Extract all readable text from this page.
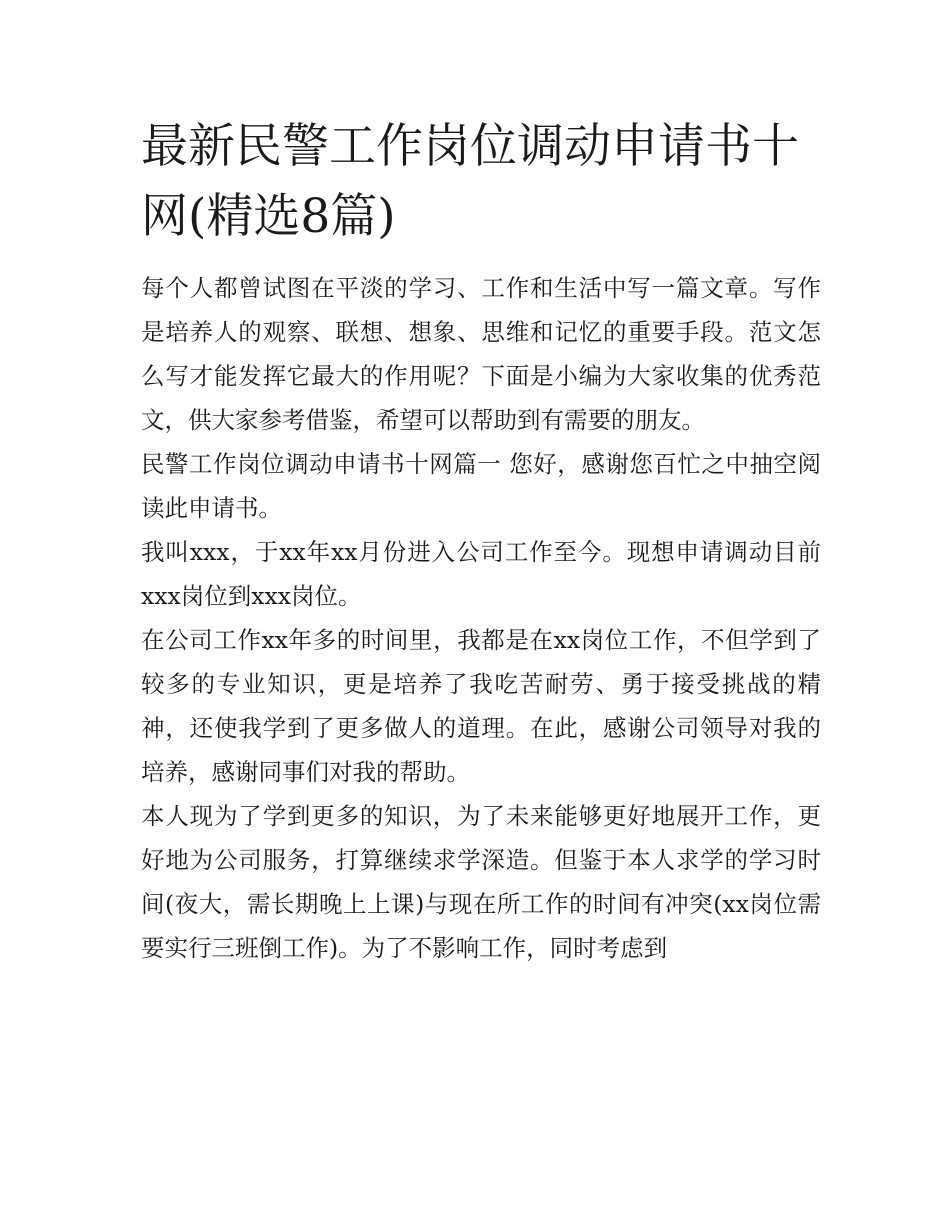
最新民警工作岗位调动申请书十网(精选8篇)

每个人都曾试图在平淡的学习、工作和生活中写一篇文章。写作是培养人的观察、联想、想象、思维和记忆的重要手段。范文怎么写才能发挥它最大的作用呢？下面是小编为大家收集的优秀范文，供大家参考借鉴，希望可以帮助到有需要的朋友。

民警工作岗位调动申请书十网篇一 您好，感谢您百忙之中抽空阅读此申请书。

我叫xxx，于xx年xx月份进入公司工作至今。现想申请调动目前xxx岗位到xxx岗位。

在公司工作xx年多的时间里，我都是在xx岗位工作，不但学到了较多的专业知识，更是培养了我吃苦耐劳、勇于接受挑战的精神，还使我学到了更多做人的道理。在此，感谢公司领导对我的培养，感谢同事们对我的帮助。

本人现为了学到更多的知识，为了未来能够更好地展开工作，更好地为公司服务，打算继续求学深造。但鉴于本人求学的学习时间(夜大，需长期晚上上课)与现在所工作的时间有冲突(xx岗位需要实行三班倒工作)。为了不影响工作，同时考虑到
